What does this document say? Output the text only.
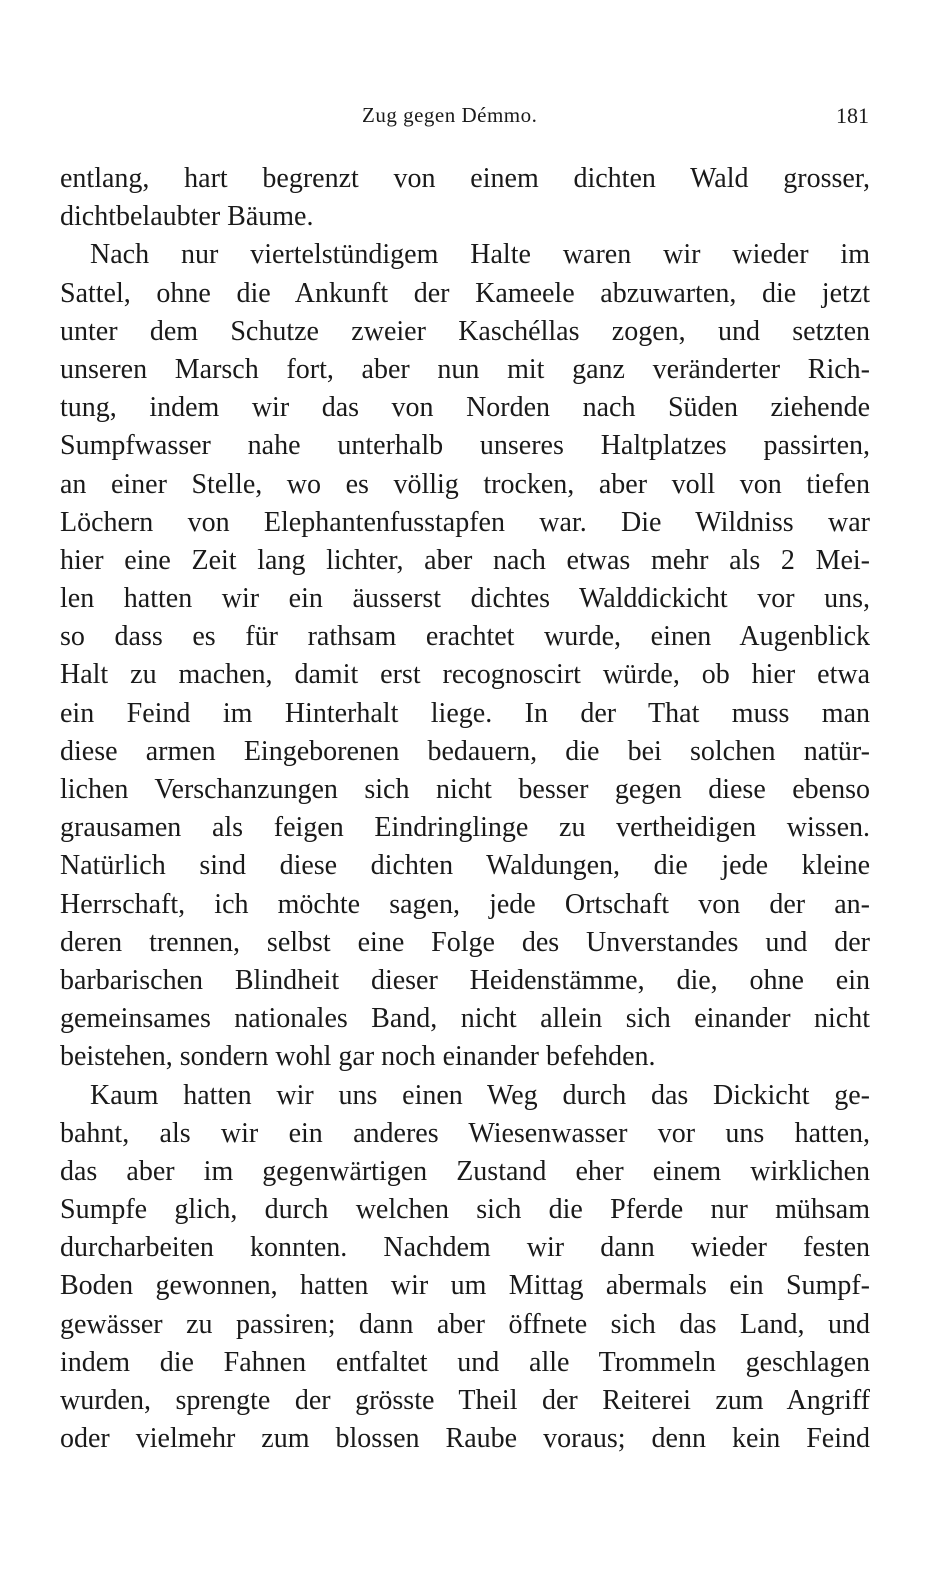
Zug gegen Démmo.	181
entlang, hart begrenzt von einem dichten Wald grosser,
dichtbelaubter Bäume.
Nach nur viertelstündigem Halte waren wir wieder im
Sattel, ohne die Ankunft der Kameele abzuwarten, die jetzt
unter dem Schutze zweier Kaschéllas zogen, und setzten
unseren Marsch fort, aber nun mit ganz veränderter Rich-
tung, indem wir das von Norden nach Süden ziehende
Sumpfwasser nahe unterhalb unseres Haltplatzes passirten,
an einer Stelle, wo es völlig trocken, aber voll von tiefen
Löchern von Elephantenfusstapfen war. Die Wildniss war
hier eine Zeit lang lichter, aber nach etwas mehr als 2 Mei-
len hatten wir ein äusserst dichtes Walddickicht vor uns,
so dass es für rathsam erachtet wurde, einen Augenblick
Halt zu machen, damit erst recognoscirt würde, ob hier etwa
ein Feind im Hinterhalt liege. In der That muss man
diese armen Eingeborenen bedauern, die bei solchen natür-
lichen Verschanzungen sich nicht besser gegen diese ebenso
grausamen als feigen Eindringlinge zu vertheidigen wissen.
Natürlich sind diese dichten Waldungen, die jede kleine
Herrschaft, ich möchte sagen, jede Ortschaft von der an-
deren trennen, selbst eine Folge des Unverstandes und der
barbarischen Blindheit dieser Heidenstämme, die, ohne ein
gemeinsames nationales Band, nicht allein sich einander nicht
beistehen, sondern wohl gar noch einander befehden.
Kaum hatten wir uns einen Weg durch das Dickicht ge-
bahnt, als wir ein anderes Wiesenwasser vor uns hatten,
das aber im gegenwärtigen Zustand eher einem wirklichen
Sumpfe glich, durch welchen sich die Pferde nur mühsam
durcharbeiten konnten. Nachdem wir dann wieder festen
Boden gewonnen, hatten wir um Mittag abermals ein Sumpf-
gewässer zu passiren; dann aber öffnete sich das Land, und
indem die Fahnen entfaltet und alle Trommeln geschlagen
wurden, sprengte der grösste Theil der Reiterei zum Angriff
oder vielmehr zum blossen Raube voraus; denn kein Feind
